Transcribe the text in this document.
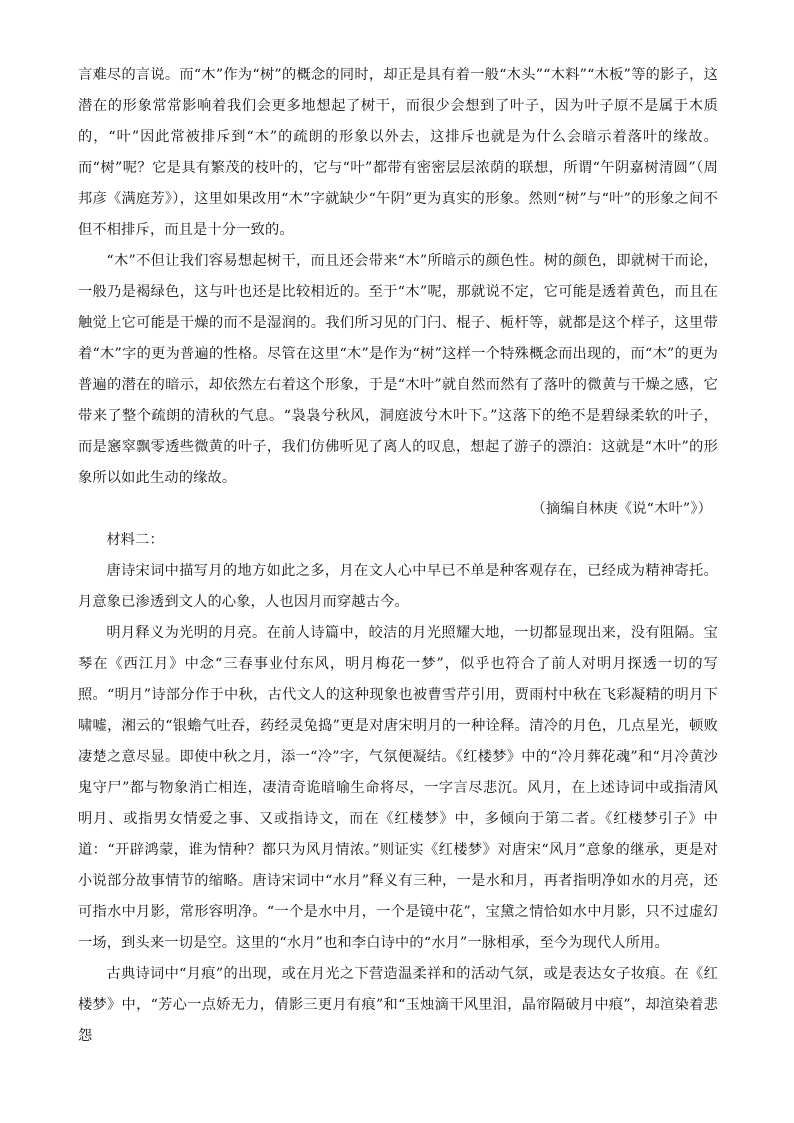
言难尽的言说。而“木”作为“树”的概念的同时，却正是具有着一般“木头”“木料”“木板”等的影子，这潜在的形象常常影响着我们会更多地想起了树干，而很少会想到了叶子，因为叶子原不是属于木质的，“叶”因此常被排斥到“木”的疏朗的形象以外去，这排斥也就是为什么会暗示着落叶的缘故。而“树”呢？它是具有繁茂的枝叶的，它与“叶”都带有密密层层浓荫的联想，所谓“午阴嘉树清圆”（周邦彦《满庭芳》），这里如果改用“木”字就缺少“午阴”更为真实的形象。然则“树”与“叶”的形象之间不但不相排斥，而且是十分一致的。

“木”不但让我们容易想起树干，而且还会带来“木”所暗示的颜色性。树的颜色，即就树干而论，一般乃是褐绿色，这与叶也还是比较相近的。至于“木”呢，那就说不定，它可能是透着黄色，而且在触觉上它可能是干燥的而不是湿润的。我们所习见的门闩、棍子、栀杆等，就都是这个样子，这里带着“木”字的更为普遍的性格。尽管在这里“木”是作为“树”这样一个特殊概念而出现的，而“木”的更为普遍的潜在的暗示，却依然左右着这个形象，于是“木叶”就自然而然有了落叶的微黄与干燥之感，它带来了整个疏朗的清秋的气息。“袅袅兮秋风，洞庭波兮木叶下。”这落下的绝不是碧绿柔软的叶子，而是窸窣飘零透些微黄的叶子，我们仿佛听见了离人的叹息，想起了游子的漂泊：这就是“木叶”的形象所以如此生动的缘故。

（摘编自林庚《说“木叶”》）

材料二：

唐诗宋词中描写月的地方如此之多，月在文人心中早已不单是种客观存在，已经成为精神寄托。月意象已渗透到文人的心象，人也因月而穿越古今。

明月释义为光明的月亮。在前人诗篇中，皎洁的月光照耀大地，一切都显现出来，没有阻隔。宝琴在《西江月》中念“三春事业付东风，明月梅花一梦”，似乎也符合了前人对明月探透一切的写照。“明月”诗部分作于中秋，古代文人的这种现象也被曹雪芹引用，贾雨村中秋在飞彩凝精的明月下啸嘘，湘云的“银蟾气吐吞，药经灵兔捣”更是对唐宋明月的一种诠释。清冷的月色，几点星光，顿败凄楚之意尽显。即使中秋之月，添一“冷”字，气氛便凝结。《红楼梦》中的“冷月葬花魂”和“月冷黄沙鬼守尸”都与物象消亡相连，凄清奇诡暗喻生命将尽，一字言尽悲沉。风月，在上述诗词中或指清风明月、或指男女情爱之事、又或指诗文，而在《红楼梦》中，多倾向于第二者。《红楼梦引子》中道：“开辟鸿蒙，谁为情种？都只为风月情浓。”则证实《红楼梦》对唐宋“风月”意象的继承，更是对小说部分故事情节的缩略。唐诗宋词中“水月”释义有三种，一是水和月，再者指明净如水的月亮，还可指水中月影，常形容明净。“一个是水中月，一个是镜中花”，宝黛之情恰如水中月影，只不过虚幻一场，到头来一切是空。这里的“水月”也和李白诗中的“水月”一脉相承，至今为现代人所用。

古典诗词中“月痕”的出现，或在月光之下营造温柔祥和的活动气氛，或是表达女子妆痕。在《红楼梦》中，“芳心一点娇无力，倩影三更月有痕”和“玉烛滴干风里泪，晶帘隔破月中痕”，却渲染着悲怨
